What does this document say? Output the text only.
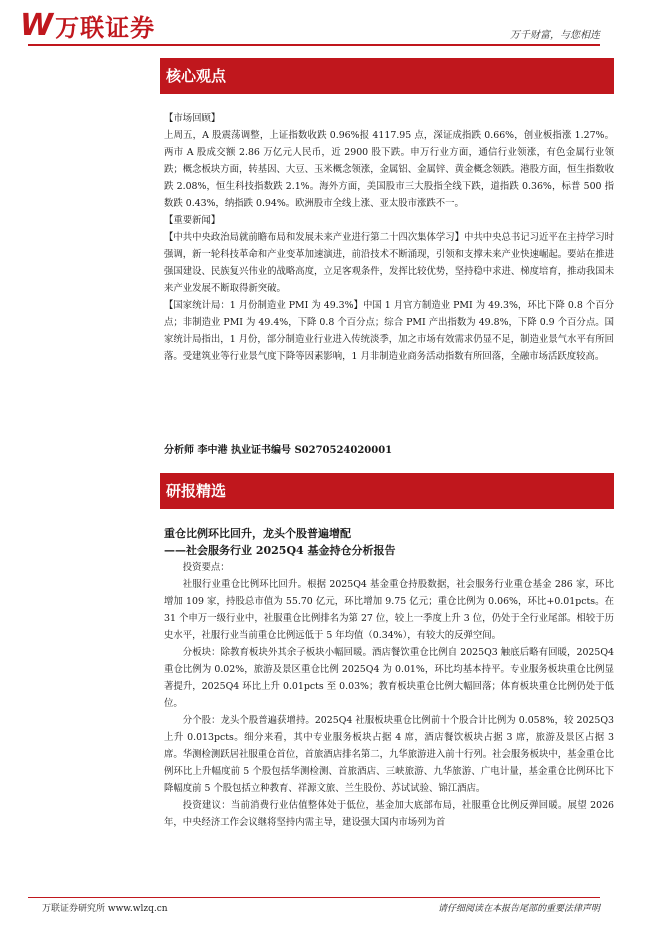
W 万联证券	万千财富，与您相连
核心观点

【市场回顾】

上周五，A 股震荡调整，上证指数收跌 0.96%报 4117.95 点，深证成指跌 0.66%，创业板指涨 1.27%。两市 A 股成交额 2.86 万亿元人民币，近 2900 股下跌。申万行业方面，通信行业领涨，有色金属行业领跌；概念板块方面，转基因、大豆、玉米概念领涨，金属铝、金属锌、黄金概念领跌。港股方面，恒生指数收跌 2.08%，恒生科技指数跌 2.1%。海外方面，美国股市三大股指全线下跌，道指跌 0.36%，标普 500 指数跌 0.43%，纳指跌 0.94%。欧洲股市全线上涨、亚太股市涨跌不一。

【重要新闻】

【中共中央政治局就前瞻布局和发展未来产业进行第二十四次集体学习】中共中央总书记习近平在主持学习时强调，新一轮科技革命和产业变革加速演进，前沿技术不断涌现，引领和支撑未来产业快速崛起。要站在推进强国建设、民族复兴伟业的战略高度，立足客观条件，发挥比较优势，坚持稳中求进、梯度培育，推动我国未来产业发展不断取得新突破。

【国家统计局：1 月份制造业 PMI 为 49.3%】中国 1 月官方制造业 PMI 为 49.3%，环比下降 0.8 个百分点；非制造业 PMI 为 49.4%，下降 0.8 个百分点；综合 PMI 产出指数为 49.8%，下降 0.9 个百分点。国家统计局指出，1 月份，部分制造业行业进入传统淡季，加之市场有效需求仍显不足，制造业景气水平有所回落。受建筑业等行业景气度下降等因素影响，1 月非制造业商务活动指数有所回落，全融市场活跃度较高。

分析师 李中港 执业证书编号 S0270524020001
研报精选
重仓比例环比回升，龙头个股普遍增配
——社会服务行业 2025Q4 基金持仓分析报告

投资要点：

社服行业重仓比例环比回升。根据 2025Q4 基金重仓持股数据，社会服务行业重仓基金 286 家，环比增加 109 家，持股总市值为 55.70 亿元，环比增加 9.75 亿元；重仓比例为 0.06%，环比+0.01pcts。在 31 个申万一级行业中，社服重仓比例排名为第 27 位，较上一季度上升 3 位，仍处于全行业尾部。相较于历史水平，社服行业当前重仓比例远低于 5 年均值（0.34%），有较大的反弹空间。

分板块：除教育板块外其余子板块小幅回暖。酒店餐饮重仓比例自 2025Q3 触底后略有回暖，2025Q4 重仓比例为 0.02%，旅游及景区重仓比例 2025Q4 为 0.01%，环比均基本持平。专业服务板块重仓比例显著提升，2025Q4 环比上升 0.01pcts 至 0.03%；教育板块重仓比例大幅回落；体育板块重仓比例仍处于低位。

分个股：龙头个股普遍获增持。2025Q4 社服板块重仓比例前十个股合计比例为 0.058%，较 2025Q3 上升 0.013pcts。细分来看，其中专业服务板块占据 4 席，酒店餐饮板块占据 3 席，旅游及景区占据 3 席。华测检测跃居社服重仓首位，首旅酒店排名第二，九华旅游进入前十行列。社会服务板块中，基金重仓比例环比上升幅度前 5 个股包括华测检测、首旅酒店、三峡旅游、九华旅游、广电计量，基金重仓比例环比下降幅度前 5 个股包括立种教育、祥源文旅、兰生股份、苏试试验、锦江酒店。

投资建议：当前消费行业估值整体处于低位，基金加大底部布局，社服重仓比例反弹回暖。展望 2026 年，中央经济工作会议继将坚持内需主导，建设强大国内市场列为首

万联证券研究所 www.wlzq.cn	请仔细阅读在本报告尾部的重要法律声明
